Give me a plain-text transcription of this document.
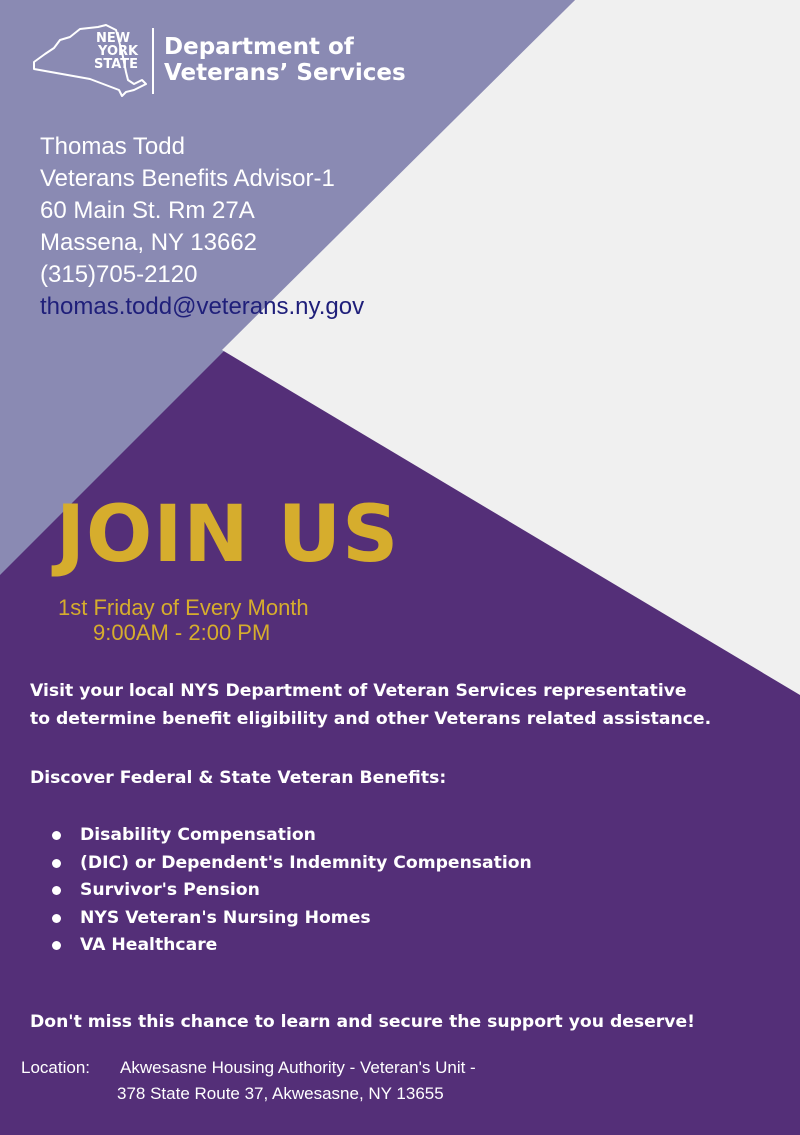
NEW
YORK
STATE
Department of
Veterans’ Services
Thomas Todd
Veterans Benefits Advisor-1
60 Main St. Rm 27A
Massena, NY 13662
(315)705-2120
thomas.todd@veterans.ny.gov
JOIN US
1st Friday of Every Month
9:00AM - 2:00 PM
Visit your local NYS Department of Veteran Services representative
to determine benefit eligibility and other Veterans related assistance.
Discover Federal & State Veteran Benefits:
Disability Compensation
(DIC) or Dependent's Indemnity Compensation
Survivor's Pension
NYS Veteran's Nursing Homes
VA Healthcare
Don't miss this chance to learn and secure the support you deserve!
Location: Akwesasne Housing Authority - Veteran's Unit -
378 State Route 37, Akwesasne, NY 13655
